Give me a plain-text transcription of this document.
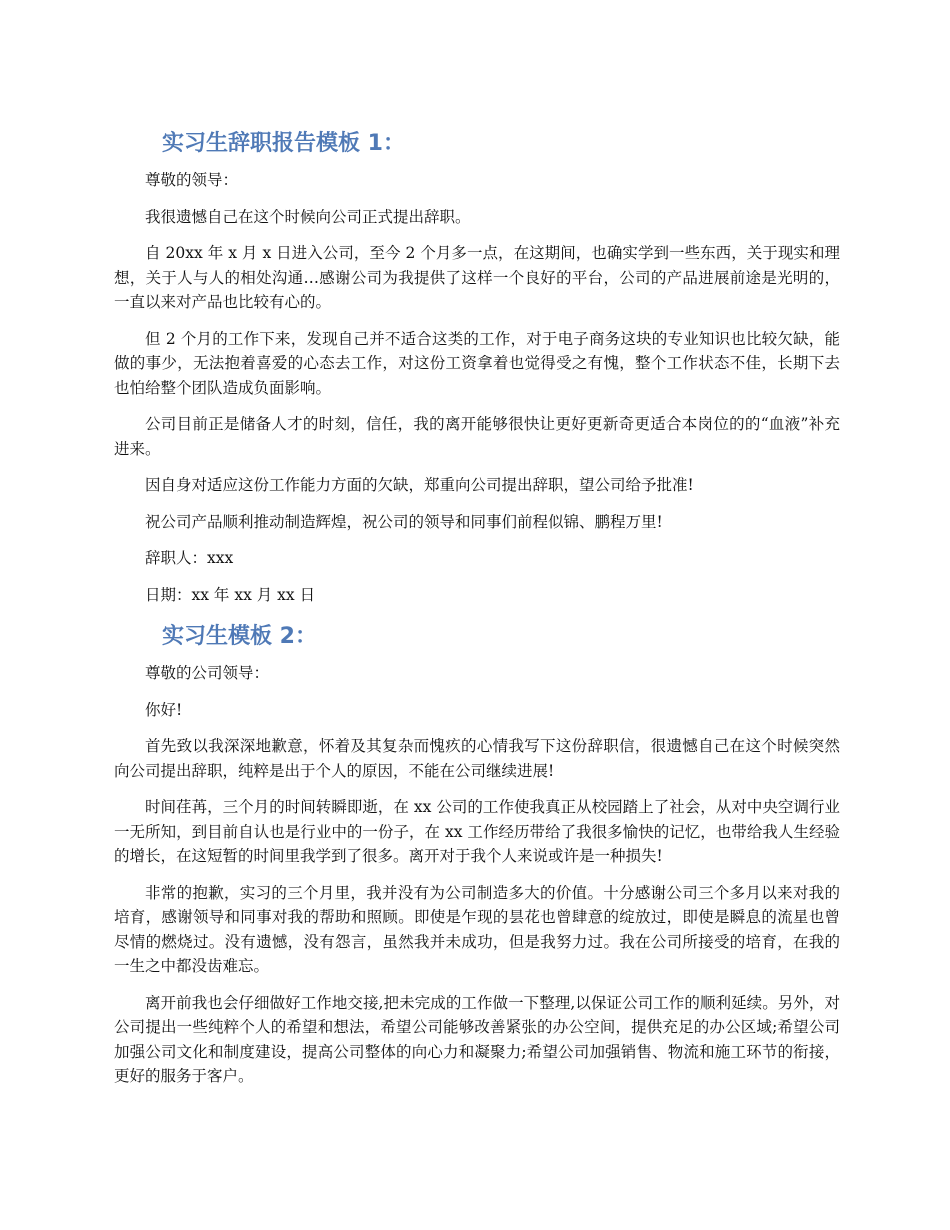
实习生辞职报告模板 1：

尊敬的领导：

我很遗憾自己在这个时候向公司正式提出辞职。

自 20xx 年 x 月 x 日进入公司，至今 2 个月多一点，在这期间，也确实学到一些东西，关于现实和理想，关于人与人的相处沟通…感谢公司为我提供了这样一个良好的平台，公司的产品进展前途是光明的，一直以来对产品也比较有心的。

但 2 个月的工作下来，发现自己并不适合这类的工作，对于电子商务这块的专业知识也比较欠缺，能做的事少，无法抱着喜爱的心态去工作，对这份工资拿着也觉得受之有愧，整个工作状态不佳，长期下去也怕给整个团队造成负面影响。

公司目前正是储备人才的时刻，信任，我的离开能够很快让更好更新奇更适合本岗位的的“血液”补充进来。

因自身对适应这份工作能力方面的欠缺，郑重向公司提出辞职，望公司给予批准!

祝公司产品顺利推动制造辉煌，祝公司的领导和同事们前程似锦、鹏程万里!

辞职人：xxx

日期：xx 年 xx 月 xx 日

实习生模板 2：

尊敬的公司领导：

你好!

首先致以我深深地歉意，怀着及其复杂而愧疚的心情我写下这份辞职信，很遗憾自己在这个时候突然向公司提出辞职，纯粹是出于个人的原因，不能在公司继续进展!

时间荏苒，三个月的时间转瞬即逝，在 xx 公司的工作使我真正从校园踏上了社会，从对中央空调行业一无所知，到目前自认也是行业中的一份子，在 xx 工作经历带给了我很多愉快的记忆，也带给我人生经验的增长，在这短暂的时间里我学到了很多。离开对于我个人来说或许是一种损失!

非常的抱歉，实习的三个月里，我并没有为公司制造多大的价值。十分感谢公司三个多月以来对我的培育，感谢领导和同事对我的帮助和照顾。即使是乍现的昙花也曾肆意的绽放过，即使是瞬息的流星也曾尽情的燃烧过。没有遗憾，没有怨言，虽然我并未成功，但是我努力过。我在公司所接受的培育，在我的一生之中都没齿难忘。

离开前我也会仔细做好工作地交接,把未完成的工作做一下整理,以保证公司工作的顺利延续。另外，对公司提出一些纯粹个人的希望和想法，希望公司能够改善紧张的办公空间，提供充足的办公区域;希望公司加强公司文化和制度建设，提高公司整体的向心力和凝聚力;希望公司加强销售、物流和施工环节的衔接，更好的服务于客户。
